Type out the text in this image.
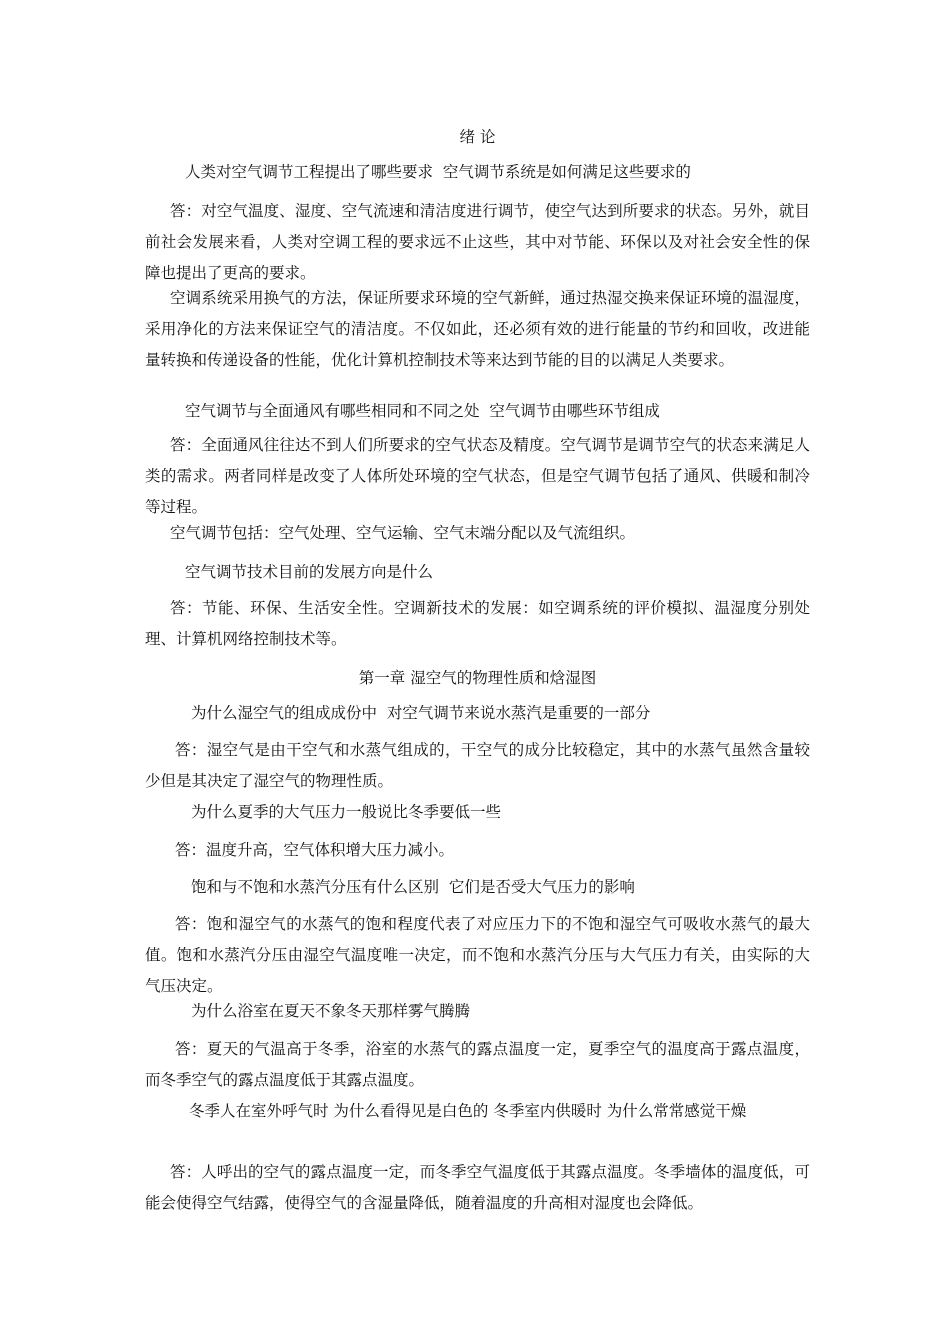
绪 论
人类对空气调节工程提出了哪些要求  空气调节系统是如何满足这些要求的
答：对空气温度、湿度、空气流速和清洁度进行调节，使空气达到所要求的状态。另外，就目前社会发展来看，人类对空调工程的要求远不止这些，其中对节能、环保以及对社会安全性的保障也提出了更高的要求。
空调系统采用换气的方法，保证所要求环境的空气新鲜，通过热湿交换来保证环境的温湿度，采用净化的方法来保证空气的清洁度。不仅如此，还必须有效的进行能量的节约和回收，改进能量转换和传递设备的性能，优化计算机控制技术等来达到节能的目的以满足人类要求。
空气调节与全面通风有哪些相同和不同之处  空气调节由哪些环节组成
答：全面通风往往达不到人们所要求的空气状态及精度。空气调节是调节空气的状态来满足人类的需求。两者同样是改变了人体所处环境的空气状态，但是空气调节包括了通风、供暖和制冷等过程。
空气调节包括：空气处理、空气运输、空气末端分配以及气流组织。
空气调节技术目前的发展方向是什么
答：节能、环保、生活安全性。空调新技术的发展：如空调系统的评价模拟、温湿度分别处理、计算机网络控制技术等。
第一章 湿空气的物理性质和焓湿图
为什么湿空气的组成成份中  对空气调节来说水蒸汽是重要的一部分
答：湿空气是由干空气和水蒸气组成的，干空气的成分比较稳定，其中的水蒸气虽然含量较少但是其决定了湿空气的物理性质。
为什么夏季的大气压力一般说比冬季要低一些
答：温度升高，空气体积增大压力减小。
饱和与不饱和水蒸汽分压有什么区别  它们是否受大气压力的影响
答：饱和湿空气的水蒸气的饱和程度代表了对应压力下的不饱和湿空气可吸收水蒸气的最大值。饱和水蒸汽分压由湿空气温度唯一决定，而不饱和水蒸汽分压与大气压力有关，由实际的大气压决定。
为什么浴室在夏天不象冬天那样雾气腾腾
答：夏天的气温高于冬季，浴室的水蒸气的露点温度一定，夏季空气的温度高于露点温度，而冬季空气的露点温度低于其露点温度。
冬季人在室外呼气时 为什么看得见是白色的 冬季室内供暖时 为什么常常感觉干燥
答：人呼出的空气的露点温度一定，而冬季空气温度低于其露点温度。冬季墙体的温度低，可能会使得空气结露，使得空气的含湿量降低，随着温度的升高相对湿度也会降低。
